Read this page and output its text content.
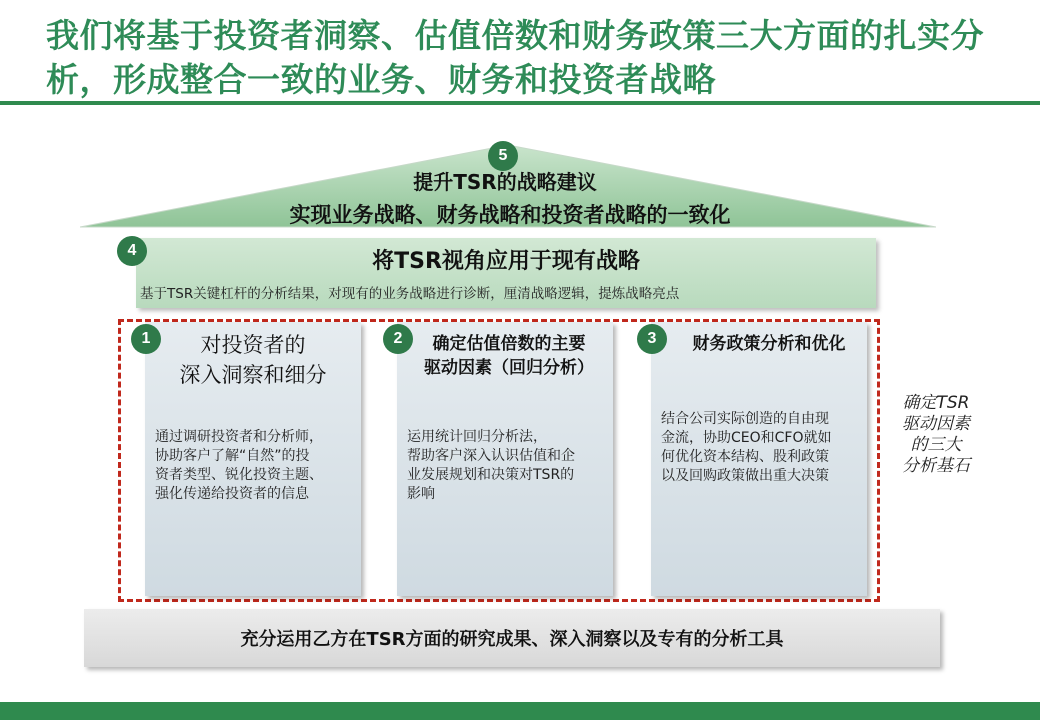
我们将基于投资者洞察、估值倍数和财务政策三大方面的扎实分
析，形成整合一致的业务、财务和投资者战略
5
提升TSR的战略建议
实现业务战略、财务战略和投资者战略的一致化
将TSR视角应用于现有战略
基于TSR关键杠杆的分析结果，对现有的业务战略进行诊断，厘清战略逻辑，提炼战略亮点
4
对投资者的
深入洞察和细分
通过调研投资者和分析师，
协助客户了解“自然”的投
资者类型、锐化投资主题、
强化传递给投资者的信息
1	确定估值倍数的主要
驱动因素（回归分析）
运用统计回归分析法，
帮助客户深入认识估值和企
业发展规划和决策对TSR的
影响
2	财务政策分析和优化
结合公司实际创造的自由现
金流，协助CEO和CFO就如
何优化资本结构、股利政策
以及回购政策做出重大决策
3
确定TSR
驱动因素
的三大
分析基石
充分运用乙方在TSR方面的研究成果、深入洞察以及专有的分析工具
